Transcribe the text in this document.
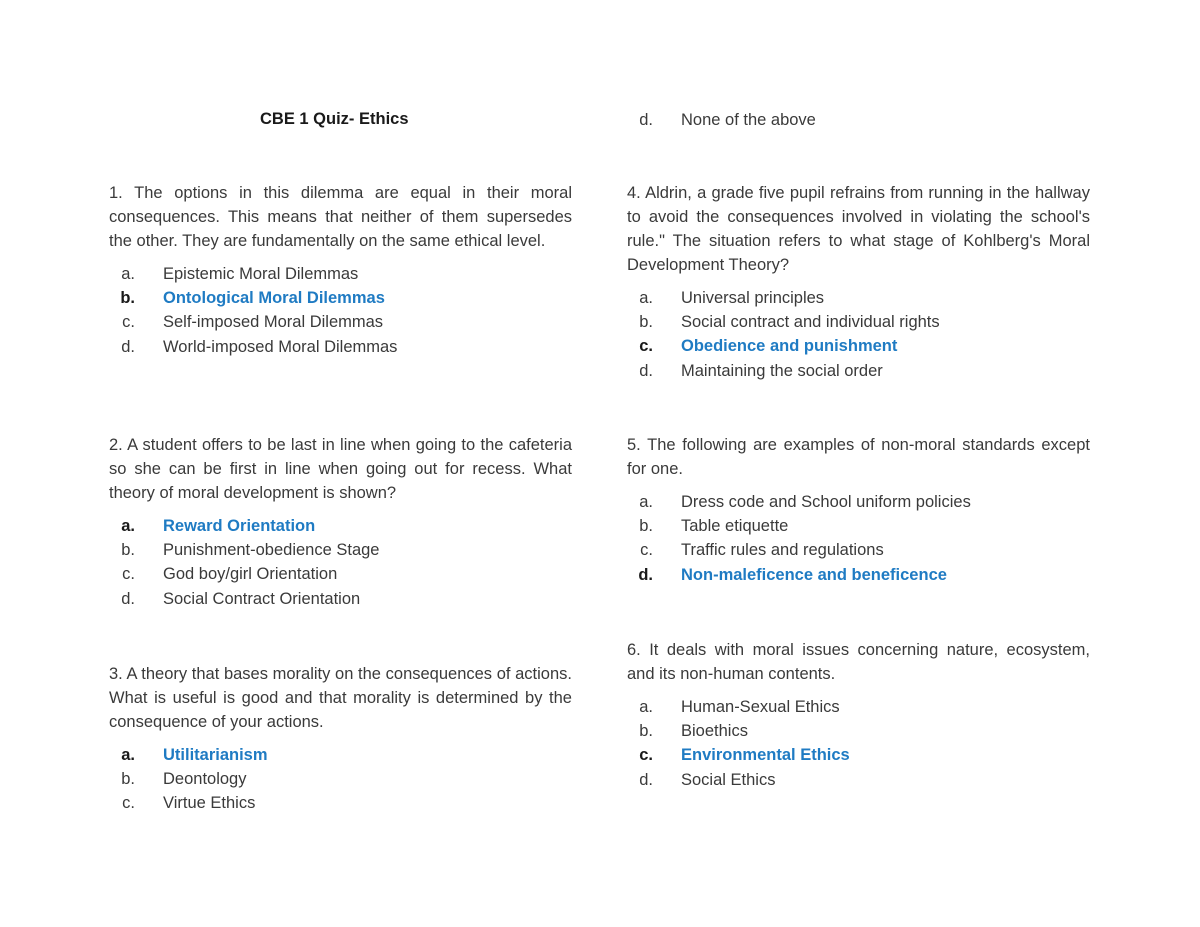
CBE 1 Quiz- Ethics

1. The options in this dilemma are equal in their moral consequences. This means that neither of them supersedes the other. They are fundamentally on the same ethical level.

a.	Epistemic Moral Dilemmas
b.	Ontological Moral Dilemmas
c.	Self-imposed Moral Dilemmas
d.	World-imposed Moral Dilemmas

2. A student offers to be last in line when going to the cafeteria so she can be first in line when going out for recess. What theory of moral development is shown?

a.	Reward Orientation
b.	Punishment-obedience Stage
c.	God boy/girl Orientation
d.	Social Contract Orientation

3. A theory that bases morality on the consequences of actions. What is useful is good and that morality is determined by the consequence of your actions.

a.	Utilitarianism
b.	Deontology
c.	Virtue Ethics
d.	None of the above

4. Aldrin, a grade five pupil refrains from running in the hallway to avoid the consequences involved in violating the school's rule." The situation refers to what stage of Kohlberg's Moral Development Theory?

a.	Universal principles
b.	Social contract and individual rights
c.	Obedience and punishment
d.	Maintaining the social order

5. The following are examples of non-moral standards except for one.

a.	Dress code and School uniform policies
b.	Table etiquette
c.	Traffic rules and regulations
d.	Non-maleficence and beneficence

6. It deals with moral issues concerning nature, ecosystem, and its non-human contents.

a.	Human-Sexual Ethics
b.	Bioethics
c.	Environmental Ethics
d.	Social Ethics
